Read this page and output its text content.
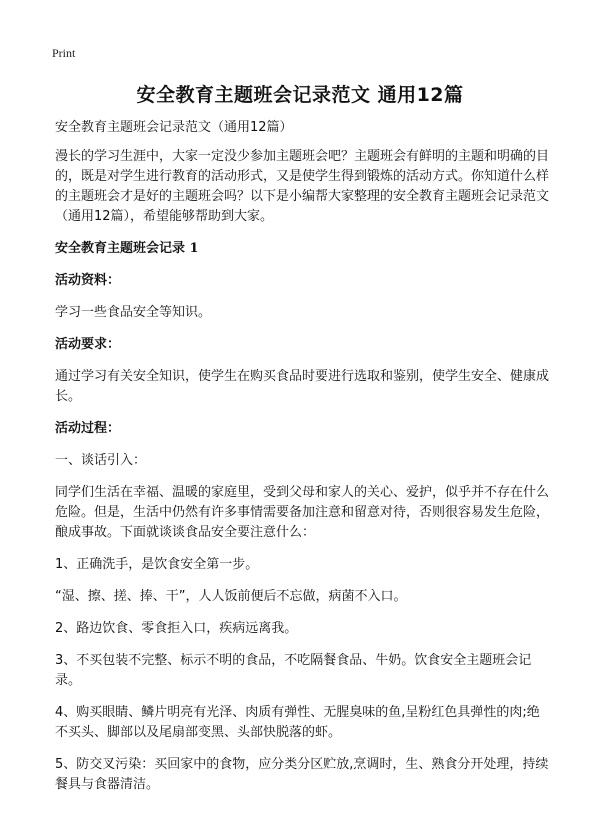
Print
安全教育主题班会记录范文 通用12篇

安全教育主题班会记录范文（通用12篇）

漫长的学习生涯中，大家一定没少参加主题班会吧？主题班会有鲜明的主题和明确的目的，既是对学生进行教育的活动形式，又是使学生得到锻炼的活动方式。你知道什么样的主题班会才是好的主题班会吗？以下是小编帮大家整理的安全教育主题班会记录范文（通用12篇），希望能够帮助到大家。

安全教育主题班会记录 1

活动资料：

学习一些食品安全等知识。

活动要求：

通过学习有关安全知识，使学生在购买食品时要进行选取和鉴别，使学生安全、健康成长。

活动过程：

一、谈话引入：

同学们生活在幸福、温暖的家庭里，受到父母和家人的关心、爱护，似乎并不存在什么危险。但是，生活中仍然有许多事情需要备加注意和留意对待，否则很容易发生危险，酿成事故。下面就谈谈食品安全要注意什么：

1、正确洗手，是饮食安全第一步。

“湿、擦、搓、捧、干”，人人饭前便后不忘做，病菌不入口。

2、路边饮食、零食拒入口，疾病远离我。

3、不买包装不完整、标示不明的食品，不吃隔餐食品、牛奶。饮食安全主题班会记录。

4、购买眼睛、鳞片明亮有光泽、肉质有弹性、无腥臭味的鱼,呈粉红色具弹性的肉;绝不买头、脚部以及尾扇部变黑、头部快脱落的虾。

5、防交叉污染：买回家中的食物，应分类分区贮放,烹调时，生、熟食分开处理，持续餐具与食器清洁。
